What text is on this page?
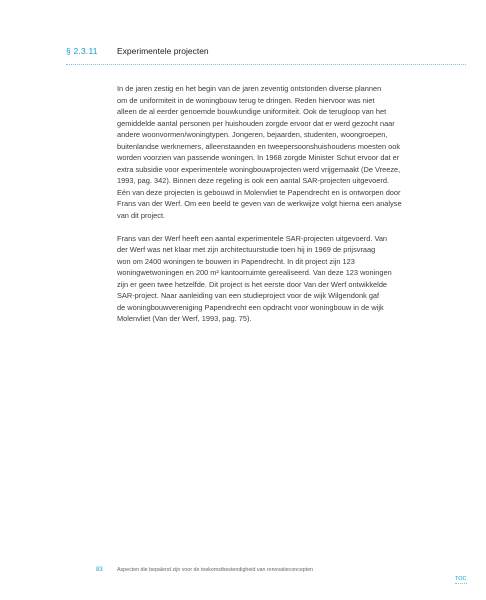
§ 2.3.11 Experimentele projecten

In de jaren zestig en het begin van de jaren zeventig ontstonden diverse plannen
om de uniformiteit in de woningbouw terug te dringen. Reden hiervoor was niet
alleen de al eerder genoemde bouwkundige uniformiteit. Ook de terugloop van het
gemiddelde aantal personen per huishouden zorgde ervoor dat er werd gezocht naar
andere woonvormen/woningtypen. Jongeren, bejaarden, studenten, woongroepen,
buitenlandse werknemers, alleenstaanden en tweepersoonshuishoudens moesten ook
worden voorzien van passende woningen. In 1968 zorgde Minister Schut ervoor dat er
extra subsidie voor experimentele woningbouwprojecten werd vrijgemaakt (De Vreeze,
1993, pag. 342). Binnen deze regeling is ook een aantal SAR-projecten uitgevoerd.
Eén van deze projecten is gebouwd in Molenvliet te Papendrecht en is ontworpen door
Frans van der Werf. Om een beeld te geven van de werkwijze volgt hierna een analyse
van dit project.

Frans van der Werf heeft een aantal experimentele SAR-projecten uitgevoerd. Van
der Werf was net klaar met zijn architectuurstudie toen hij in 1969 de prijsvraag
won om 2400 woningen te bouwen in Papendrecht. In dit project zijn 123
woningwetwoningen en 200 m² kantoorruimte gerealiseerd. Van deze 123 woningen
zijn er geen twee hetzelfde. Dit project is het eerste door Van der Werf ontwikkelde
SAR-project. Naar aanleiding van een studieproject voor de wijk Wilgendonk gaf
de woningbouwvereniging Papendrecht een opdracht voor woningbouw in de wijk
Molenvliet (Van der Werf, 1993, pag. 75).

83	Aspecten die bepalend zijn voor de toekomstbestendigheid van renovatieconcepten
TOC
